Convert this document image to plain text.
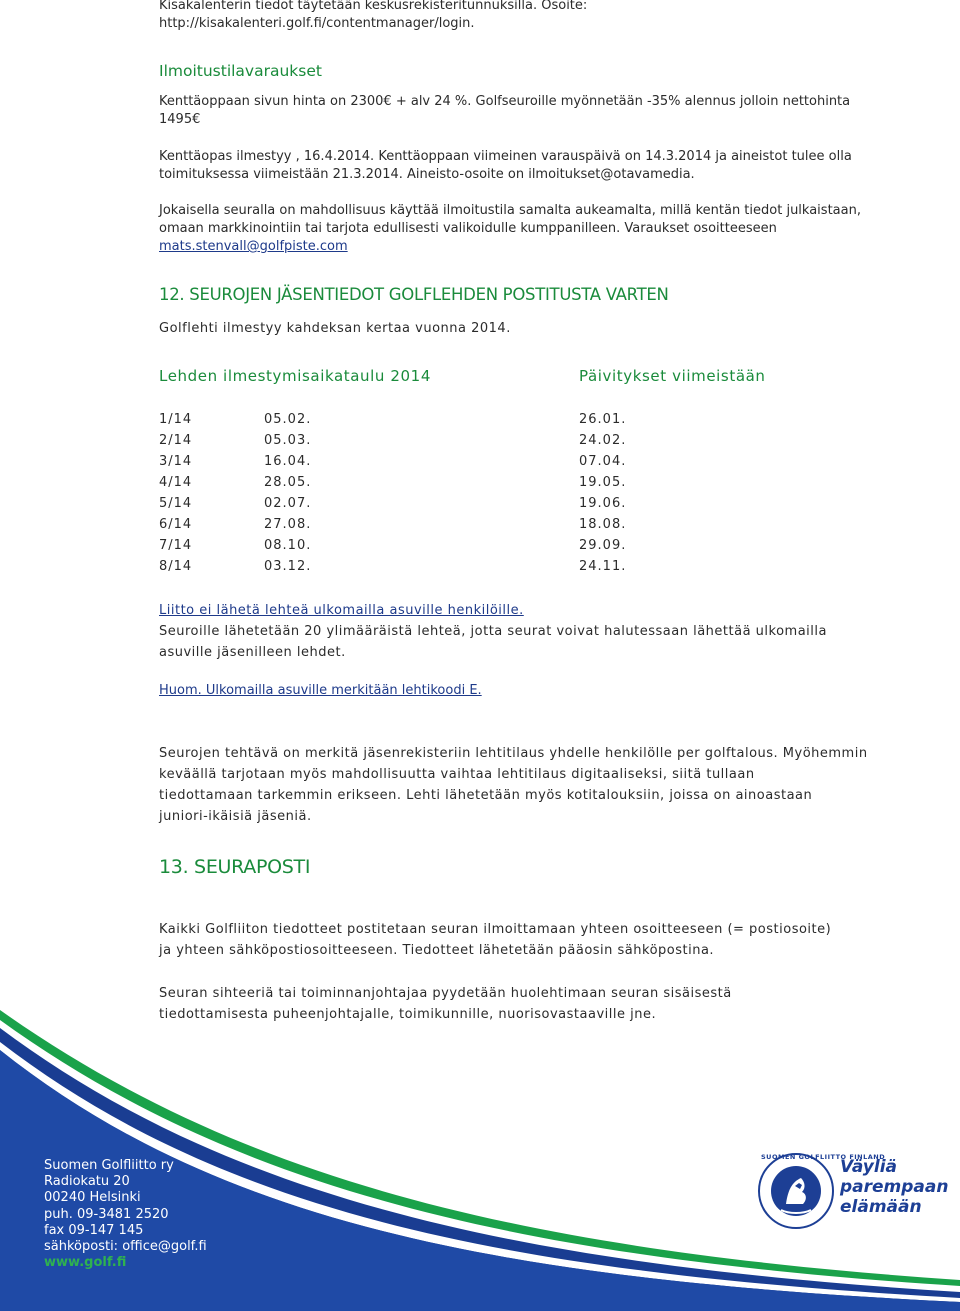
Kisakalenterin tiedot täytetään keskusrekisteritunnuksilla. Osoite:

http://kisakalenteri.golf.fi/contentmanager/login.

Ilmoitustilavaraukset

Kenttäoppaan sivun hinta on 2300€ + alv 24 %. Golfseuroille myönnetään -35% alennus jolloin nettohinta

1495€

Kenttäopas ilmestyy , 16.4.2014. Kenttäoppaan viimeinen varauspäivä on 14.3.2014 ja aineistot tulee olla

toimituksessa viimeistään 21.3.2014. Aineisto-osoite on ilmoitukset@otavamedia.

Jokaisella seuralla on mahdollisuus käyttää ilmoitustila samalta aukeamalta, millä kentän tiedot julkaistaan,

omaan markkinointiin tai tarjota edullisesti valikoidulle kumppanilleen. Varaukset osoitteeseen

mats.stenvall@golfpiste.com

12. SEUROJEN JÄSENTIEDOT GOLFLEHDEN POSTITUSTA VARTEN

Golflehti ilmestyy kahdeksan kertaa vuonna 2014.

Lehden ilmestymisaikataulu 2014	Päivitykset viimeistään

1/14	05.02.	26.01.
2/14	05.03.	24.02.
3/14	16.04.	07.04.
4/14	28.05.	19.05.
5/14	02.07.	19.06.
6/14	27.08.	18.08.
7/14	08.10.	29.09.
8/14	03.12.	24.11.

Liitto ei lähetä lehteä ulkomailla asuville henkilöille.

Seuroille lähetetään 20 ylimääräistä lehteä, jotta seurat voivat halutessaan lähettää ulkomailla

asuville jäsenilleen lehdet.

Huom. Ulkomailla asuville merkitään lehtikoodi E.

Seurojen tehtävä on merkitä jäsenrekisteriin lehtitilaus yhdelle henkilölle per golftalous. Myöhemmin

keväällä tarjotaan myös mahdollisuutta vaihtaa lehtitilaus digitaaliseksi, siitä tullaan

tiedottamaan tarkemmin erikseen. Lehti lähetetään myös kotitalouksiin, joissa on ainoastaan

juniori-ikäisiä jäseniä.

13. SEURAPOSTI

Kaikki Golfliiton tiedotteet postitetaan seuran ilmoittamaan yhteen osoitteeseen (= postiosoite)

ja yhteen sähköpostiosoitteeseen. Tiedotteet lähetetään pääosin sähköpostina.

Seuran sihteeriä tai toiminnanjohtajaa pyydetään huolehtimaan seuran sisäisestä

tiedottamisesta puheenjohtajalle, toimikunnille, nuorisovastaaville jne.

Suomen Golfliitto ry
Radiokatu 20
00240 Helsinki
puh. 09-3481 2520
fax 09-147 145
sähköposti: office@golf.fi
www.golf.fi
SUOMEN GOLFLIITTO FINLAND
Väyliä
parempaan
elämään
